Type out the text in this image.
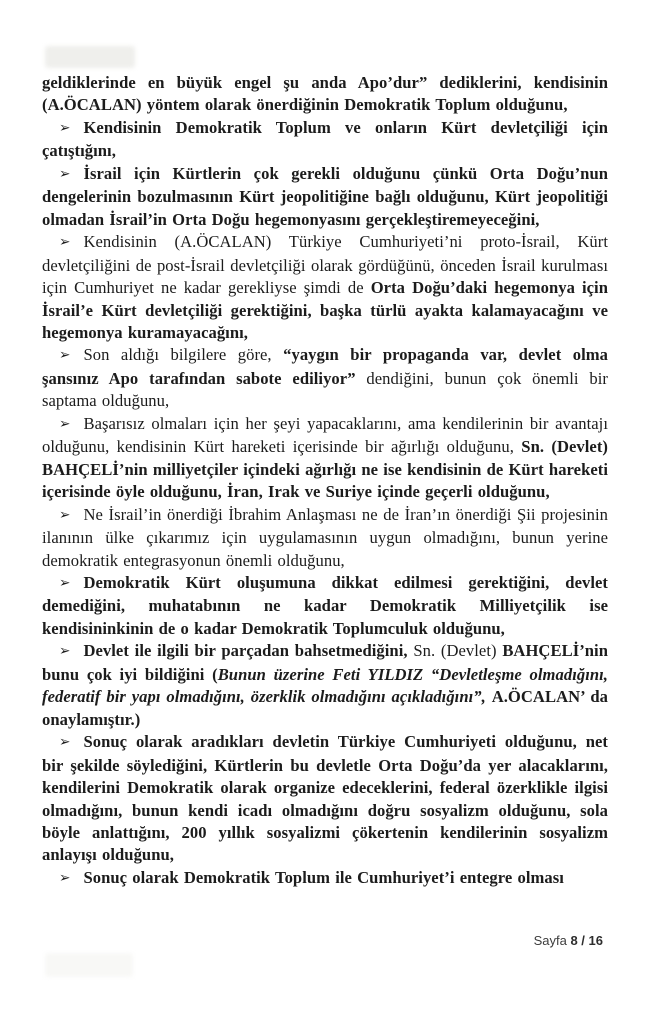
geldiklerinde en büyük engel şu anda Apo’dur” dediklerini, kendisinin (A.ÖCALAN) yöntem olarak önerdiğinin Demokratik Toplum olduğunu,

➢ Kendisinin Demokratik Toplum ve onların Kürt devletçiliği için çatıştığını,

➢ İsrail için Kürtlerin çok gerekli olduğunu çünkü Orta Doğu’nun dengelerinin bozulmasının Kürt jeopolitiğine bağlı olduğunu, Kürt jeopolitiği olmadan İsrail’in Orta Doğu hegemonyasını gerçekleştiremeyeceğini,

➢ Kendisinin (A.ÖCALAN) Türkiye Cumhuriyeti’ni proto-İsrail, Kürt devletçiliğini de post-İsrail devletçiliği olarak gördüğünü, önceden İsrail kurulması için Cumhuriyet ne kadar gerekliyse şimdi de Orta Doğu’daki hegemonya için İsrail’e Kürt devletçiliği gerektiğini, başka türlü ayakta kalamayacağını ve hegemonya kuramayacağını,

➢ Son aldığı bilgilere göre, “yaygın bir propaganda var, devlet olma şansınız Apo tarafından sabote ediliyor” dendiğini, bunun çok önemli bir saptama olduğunu,

➢ Başarısız olmaları için her şeyi yapacaklarını, ama kendilerinin bir avantajı olduğunu, kendisinin Kürt hareketi içerisinde bir ağırlığı olduğunu, Sn. (Devlet) BAHÇELİ’nin milliyetçiler içindeki ağırlığı ne ise kendisinin de Kürt hareketi içerisinde öyle olduğunu, İran, Irak ve Suriye içinde geçerli olduğunu,

➢ Ne İsrail’in önerdiği İbrahim Anlaşması ne de İran’ın önerdiği Şii projesinin ilanının ülke çıkarımız için uygulamasının uygun olmadığını, bunun yerine demokratik entegrasyonun önemli olduğunu,

➢ Demokratik Kürt oluşumuna dikkat edilmesi gerektiğini, devlet demediğini, muhatabının ne kadar Demokratik Milliyetçilik ise kendisininkinin de o kadar Demokratik Toplumculuk olduğunu,

➢ Devlet ile ilgili bir parçadan bahsetmediğini, Sn. (Devlet) BAHÇELİ’nin bunu çok iyi bildiğini (Bunun üzerine Feti YILDIZ “Devletleşme olmadığını, federatif bir yapı olmadığını, özerklik olmadığını açıkladığını”, A.ÖCALAN’ da onaylamıştır.)

➢ Sonuç olarak aradıkları devletin Türkiye Cumhuriyeti olduğunu, net bir şekilde söylediğini, Kürtlerin bu devletle Orta Doğu’da yer alacaklarını, kendilerini Demokratik olarak organize edeceklerini, federal özerklikle ilgisi olmadığını, bunun kendi icadı olmadığını doğru sosyalizm olduğunu, sola böyle anlattığını, 200 yıllık sosyalizmi çökertenin kendilerinin sosyalizm anlayışı olduğunu,

➢ Sonuç olarak Demokratik Toplum ile Cumhuriyet’i entegre olması

Sayfa 8 / 16
